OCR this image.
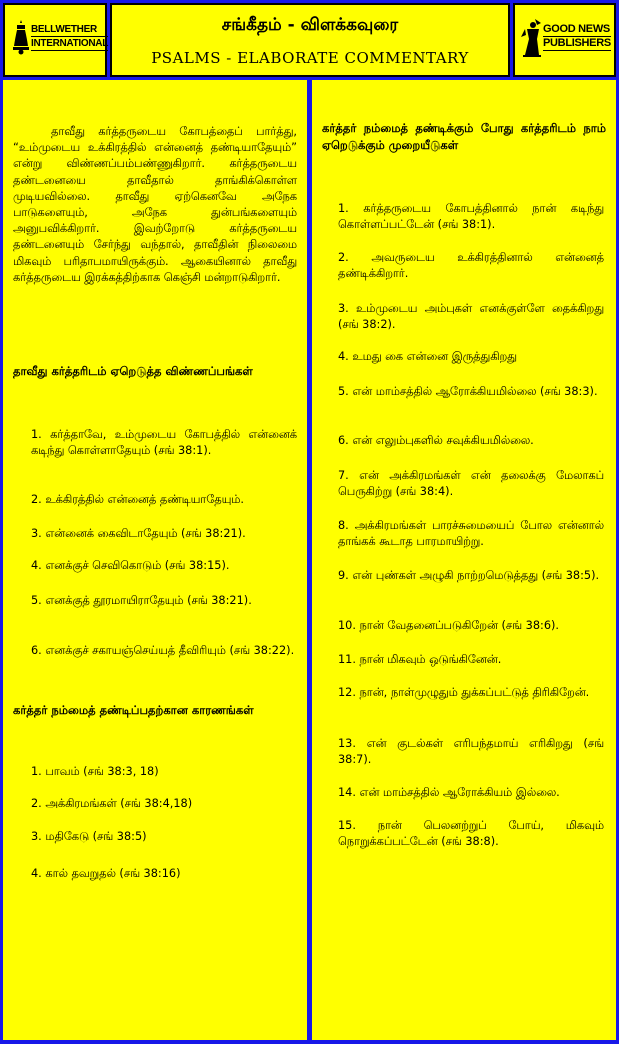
BELLWETHER
INTERNATIONAL
சங்கீதம் - விளக்கவுரை
PSALMS - ELABORATE COMMENTARY
GOOD NEWS
PUBLISHERS

தாவீது கர்த்தருடைய கோபத்தைப் பார்த்து, “உம்முடைய உக்கிரத்தில் என்னைத் தண்டியாதேயும்” என்று விண்ணப்பம்பண்ணுகிறார். கர்த்தருடைய தண்டனையை தாவீதால் தாங்கிக்கொள்ள முடியவில்லை. தாவீது ஏற்கெனவே அநேக பாடுகளையும், அநேக துன்பங்களையும் அனுபவிக்கிறார். இவற்றோடு கர்த்தருடைய தண்டனையும் சேர்ந்து வந்தால், தாவீதின் நிலைமை மிகவும் பரிதாபமாயிருக்கும். ஆகையினால் தாவீது கர்த்தருடைய இரக்கத்திற்காக கெஞ்சி மன்றாடுகிறார்.

தாவீது கர்த்தரிடம் ஏறெடுத்த விண்ணப்பங்கள்

1. கர்த்தாவே, உம்முடைய கோபத்தில் என்னைக் கடிந்து கொள்ளாதேயும் (சங் 38:1).

2. உக்கிரத்தில் என்னைத் தண்டியாதேயும்.

3. என்னைக் கைவிடாதேயும் (சங் 38:21).

4. எனக்குச் செவிகொடும் (சங் 38:15).

5. எனக்குத் தூரமாயிராதேயும் (சங் 38:21).

6. எனக்குச் சகாயஞ்செய்யத் தீவிரியும் (சங் 38:22).

கர்த்தர் நம்மைத் தண்டிப்பதற்கான காரணங்கள்

1. பாவம் (சங் 38:3, 18)

2. அக்கிரமங்கள் (சங் 38:4,18)

3. மதிகேடு (சங் 38:5)

4. கால் தவறுதல் (சங் 38:16)

கர்த்தர் நம்மைத் தண்டிக்கும் போது கர்த்தரிடம் நாம் ஏறெடுக்கும் முறையீடுகள்

1. கர்த்தருடைய கோபத்தினால் நான் கடிந்து கொள்ளப்பட்டேன் (சங் 38:1).

2. அவருடைய உக்கிரத்தினால் என்னைத் தண்டிக்கிறார்.

3. உம்முடைய அம்புகள் எனக்குள்ளே தைக்கிறது (சங் 38:2).

4. உமது கை என்னை இருத்துகிறது

5. என் மாம்சத்தில் ஆரோக்கியமில்லை (சங் 38:3).

6. என் எலும்புகளில் சவுக்கியமில்லை.

7. என் அக்கிரமங்கள் என் தலைக்கு மேலாகப் பெருகிற்று (சங் 38:4).

8. அக்கிரமங்கள் பாரச்சுமையைப் போல என்னால் தாங்கக் கூடாத பாரமாயிற்று.

9. என் புண்கள் அழுகி நாற்றமெடுத்தது (சங் 38:5).

10. நான் வேதனைப்படுகிறேன் (சங் 38:6).

11. நான் மிகவும் ஒடுங்கினேன்.

12. நான், நாள்முழுதும் துக்கப்பட்டுத் திரிகிறேன்.

13. என் குடல்கள் எரிபந்தமாய் எரிகிறது (சங் 38:7).

14. என் மாம்சத்தில் ஆரோக்கியம் இல்லை.

15. நான் பெலனற்றுப் போய், மிகவும் நொறுக்கப்பட்டேன் (சங் 38:8).
